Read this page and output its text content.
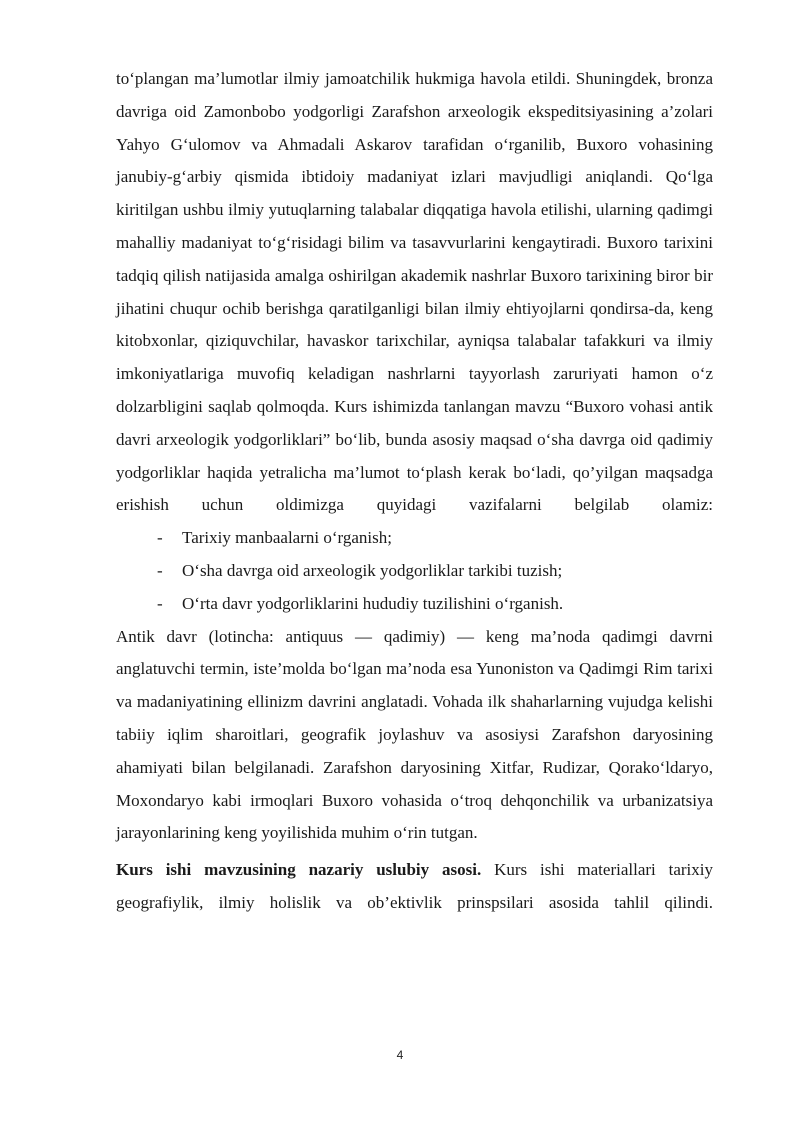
to‘plangan ma’lumotlar ilmiy jamoatchilik hukmiga havola etildi. Shuningdek, bronza davriga oid Zamonbobo yodgorligi Zarafshon arxeologik ekspeditsiyasining a’zolari Yahyo G‘ulomov va Ahmadali Askarov tarafidan o‘rganilib, Buxoro vohasining janubiy-g‘arbiy qismida ibtidoiy madaniyat izlari mavjudligi aniqlandi. Qo‘lga kiritilgan ushbu ilmiy yutuqlarning talabalar diqqatiga havola etilishi, ularning qadimgi mahalliy madaniyat to‘g‘risidagi bilim va tasavvurlarini kengaytiradi. Buxoro tarixini tadqiq qilish natijasida amalga oshirilgan akademik nashrlar Buxoro tarixining biror bir jihatini chuqur ochib berishga qaratilganligi bilan ilmiy ehtiyojlarni qondirsa-da, keng kitobxonlar, qiziquvchilar, havaskor tarixchilar, ayniqsa talabalar tafakkuri va ilmiy imkoniyatlariga muvofiq keladigan nashrlarni tayyorlash zaruriyati hamon o‘z dolzarbligini saqlab qolmoqda. Kurs ishimizda tanlangan mavzu “Buxoro vohasi antik davri arxeologik yodgorliklari” bo‘lib, bunda asosiy maqsad o‘sha davrga oid qadimiy yodgorliklar haqida yetralicha ma’lumot to‘plash kerak bo‘ladi, qo’yilgan maqsadga erishish uchun oldimizga quyidagi vazifalarni belgilab olamiz:

-	Tarixiy manbaalarni o‘rganish;
-	O‘sha davrga oid arxeologik yodgorliklar tarkibi tuzish;
-	O‘rta davr yodgorliklarini hududiy tuzilishini o‘rganish.

Antik davr (lotincha: antiquus — qadimiy) — keng ma’noda qadimgi davrni anglatuvchi termin, iste’molda bo‘lgan ma’noda esa Yunoniston va Qadimgi Rim tarixi va madaniyatining ellinizm davrini anglatadi. Vohada ilk shaharlarning vujudga kelishi tabiiy iqlim sharoitlari, geografik joylashuv va asosiysi Zarafshon daryosining ahamiyati bilan belgilanadi. Zarafshon daryosining Xitfar, Rudizar, Qorako‘ldaryo, Moxondaryo kabi irmoqlari Buxoro vohasida o‘troq dehqonchilik va urbanizatsiya jarayonlarining keng yoyilishida muhim o‘rin tutgan.

Kurs ishi mavzusining nazariy uslubiy asosi. Kurs ishi materiallari tarixiy geografiylik, ilmiy holislik va ob’ektivlik prinspsilari asosida tahlil qilindi.

4
